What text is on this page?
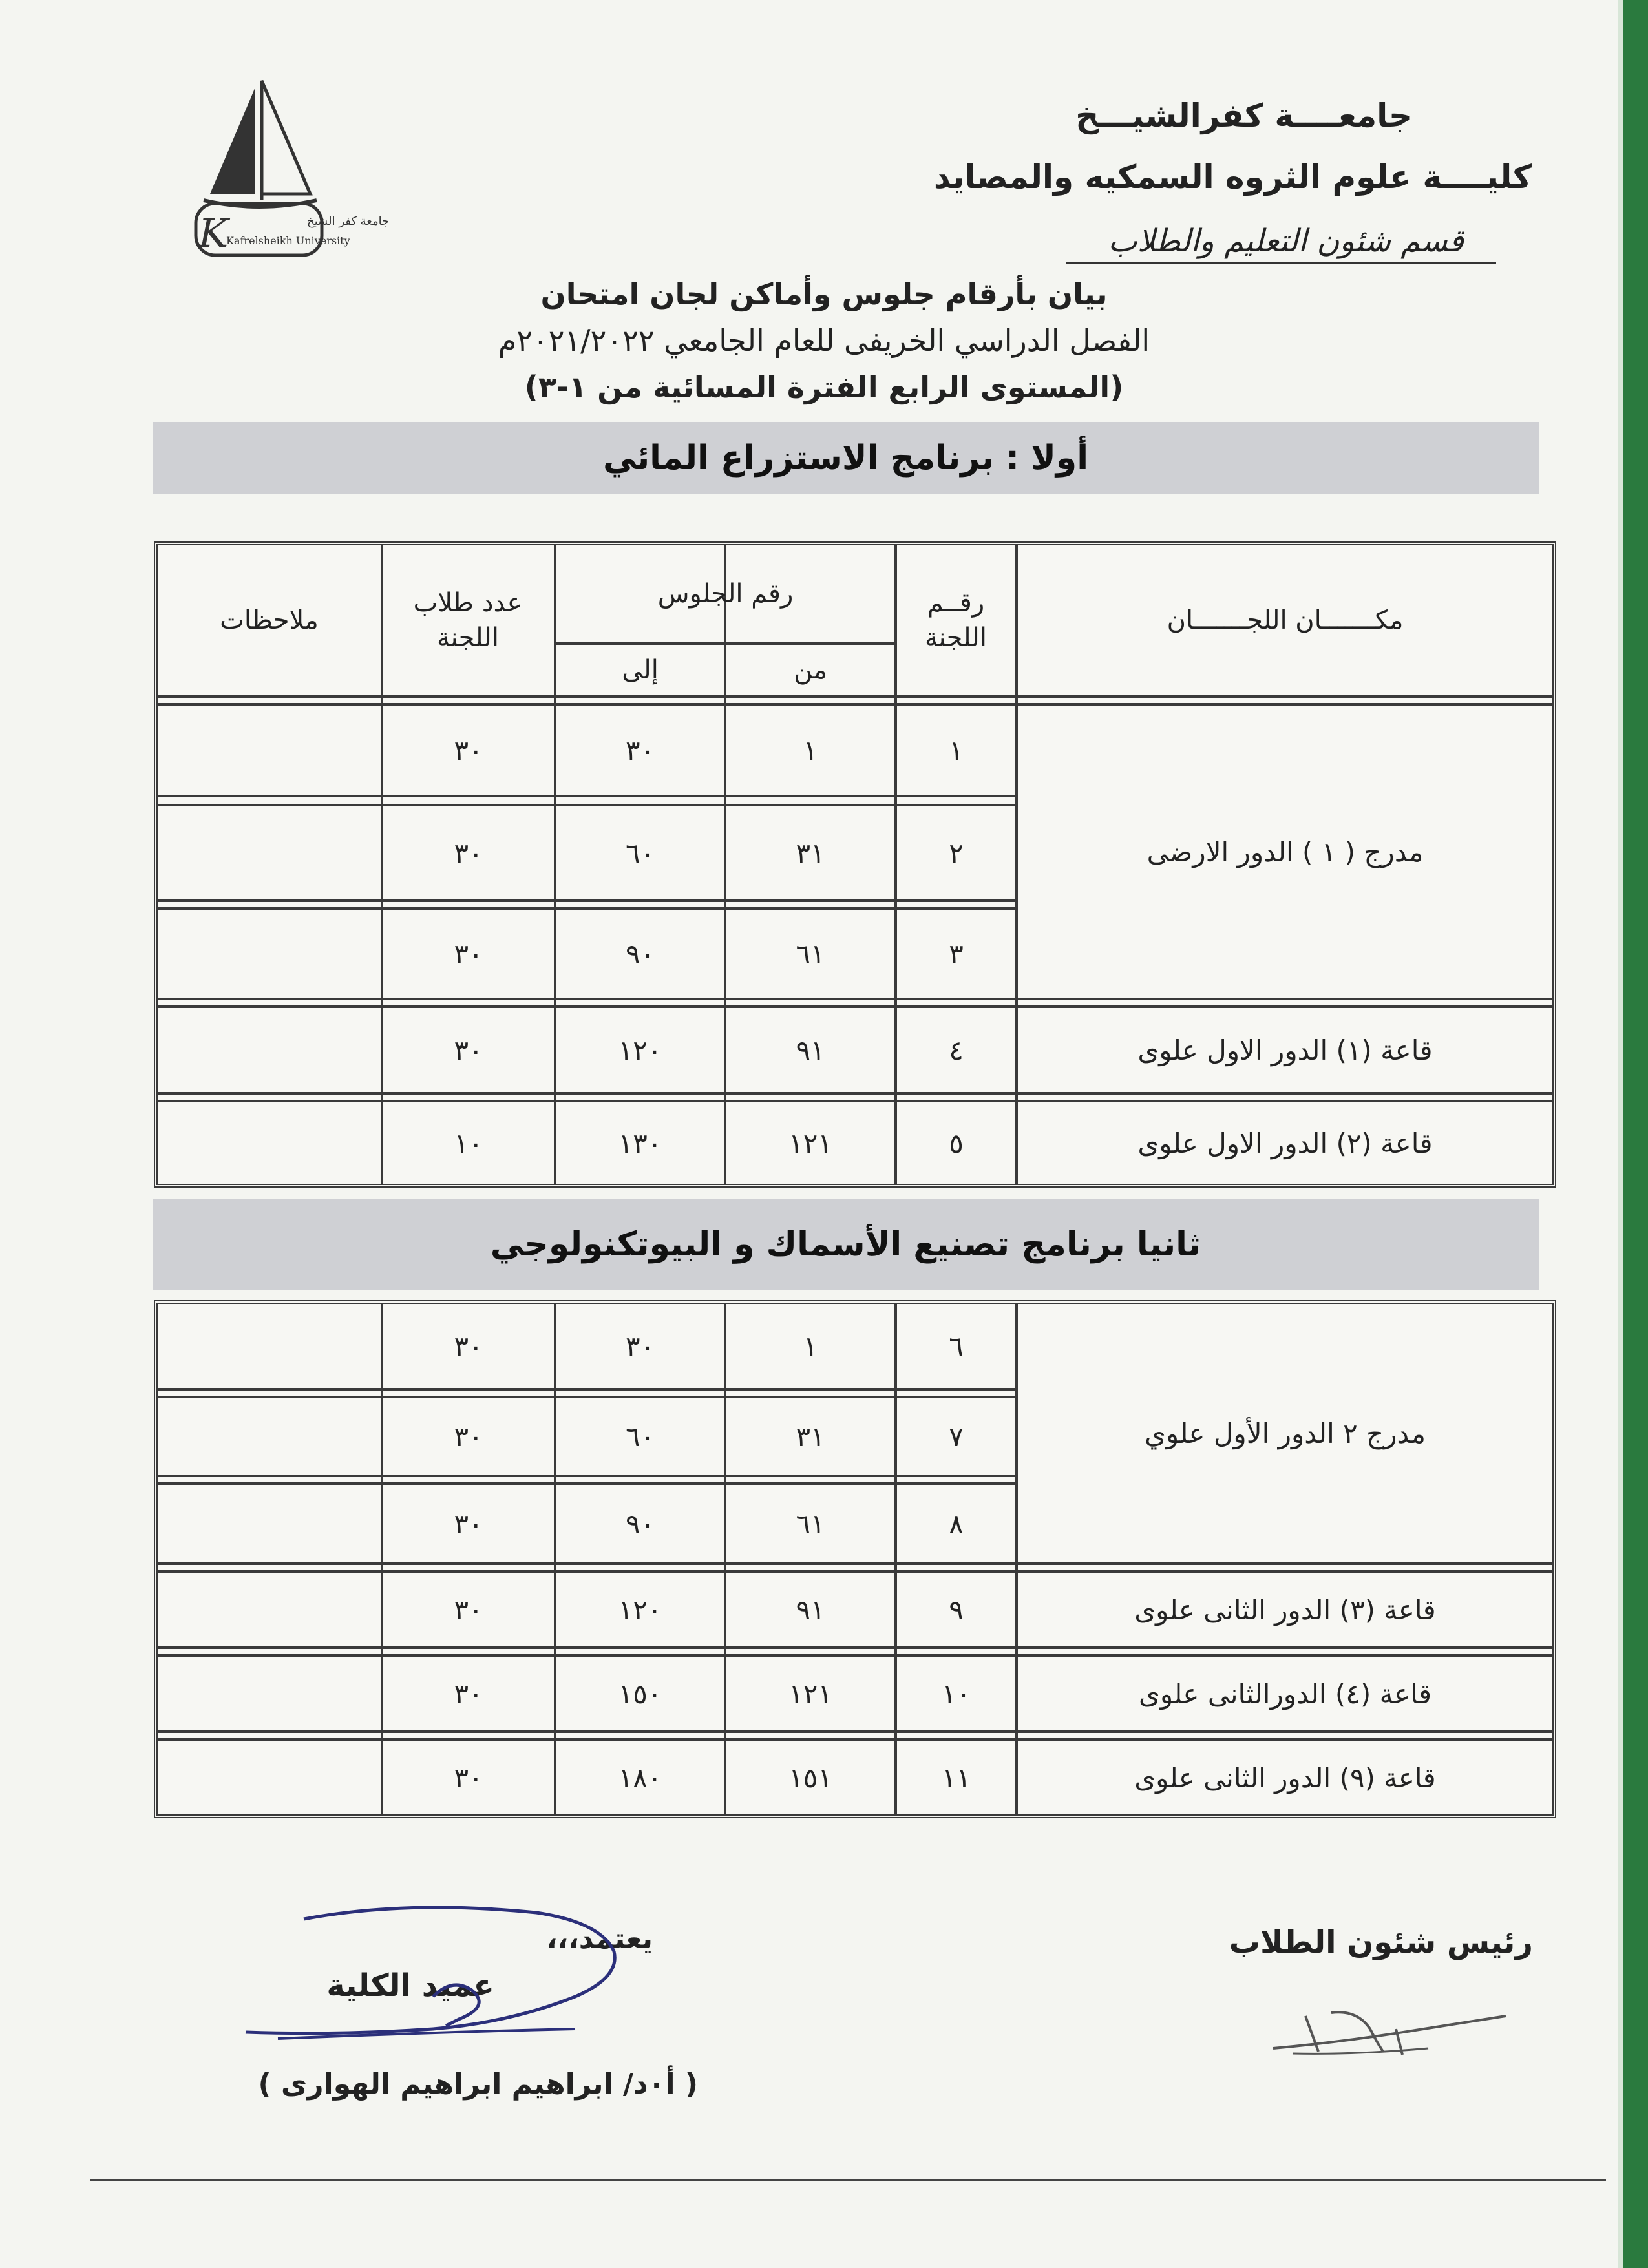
K	جامعة كفر الشيخ
Kafrelsheikh University
جامعــــة كفرالشيـــخ
كليــــة علوم الثروه السمكيه والمصايد
قسم شئون التعليم والطلاب
بيان بأرقام جلوس وأماكن لجان امتحان
الفصل الدراسي الخريفى للعام الجامعي ٢٠٢١/٢٠٢٢م
(المستوى الرابع الفترة المسائية من ١-٣)
أولا : برنامج الاستزراع المائي
مكـــــــان اللجـــــــان
رقــم اللجنة
رقم الجلوس
من
إلى
عدد طلاب اللجنة
ملاحظات
مدرج ( ١ ) الدور الارضى
قاعة (١) الدور الاول علوى
قاعة (٢) الدور الاول علوى
١
١
٣٠
٣٠
٢
٣١
٦٠
٣٠
٣
٦١
٩٠
٣٠
٤
٩١
١٢٠
٣٠
٥
١٢١
١٣٠
١٠
ثانيا برنامج تصنيع الأسماك و البيوتكنولوجي
مدرج ٢ الدور الأول علوي
قاعة (٣) الدور الثانى علوى
قاعة (٤) الدورالثانى علوى
قاعة (٩) الدور الثانى علوى
٦
١
٣٠
٣٠
٧
٣١
٦٠
٣٠
٨
٦١
٩٠
٣٠
٩
٩١
١٢٠
٣٠
١٠
١٢١
١٥٠
٣٠
١١
١٥١
١٨٠
٣٠
رئيس شئون الطلاب
يعتمد،،،
عميد الكلية
( أ٠د/ ابراهيم ابراهيم الهوارى )
